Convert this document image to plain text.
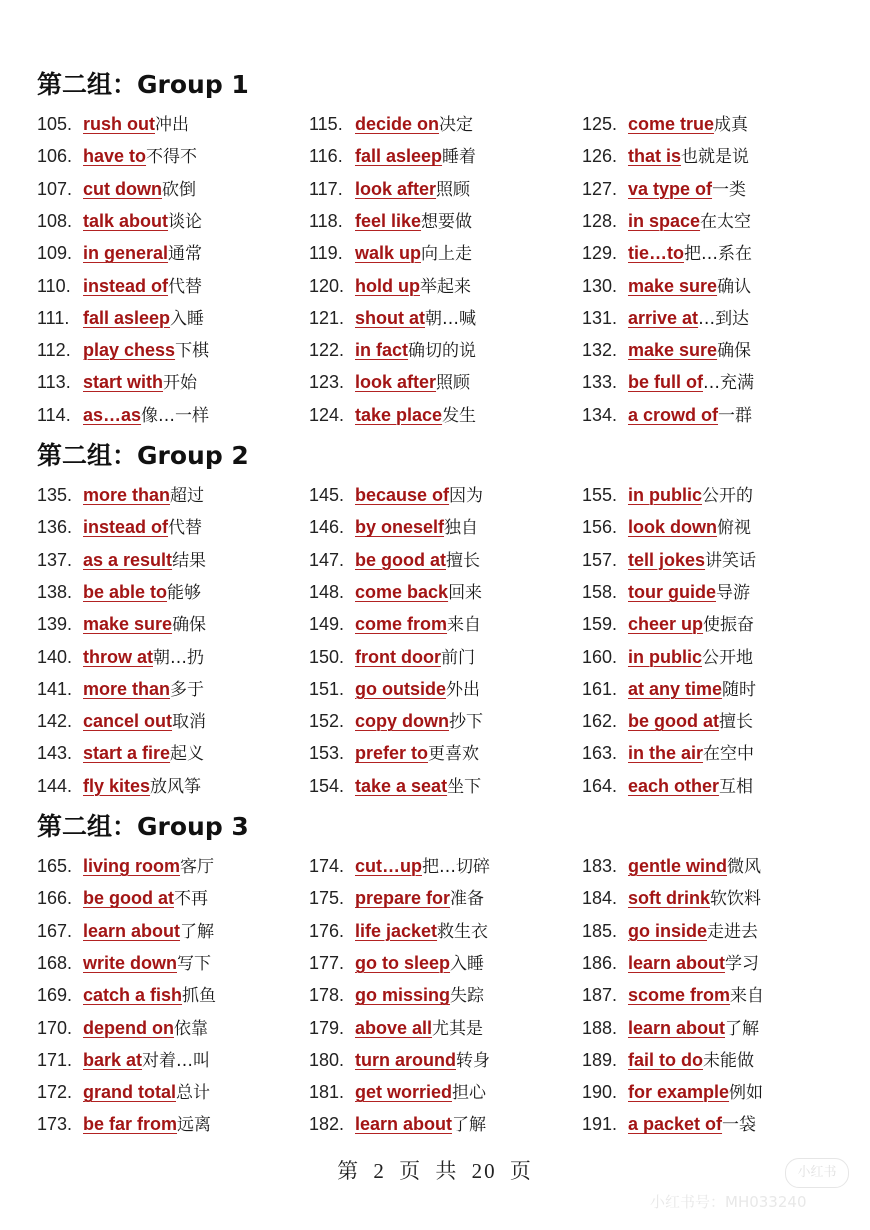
第二组：Group 1
105. rush out冲出
106. have to不得不
107. cut down砍倒
108. talk about谈论
109. in general通常
110. instead of代替
111. fall asleep入睡
112. play chess下棋
113. start with开始
114. as…as像…一样
115. decide on决定
116. fall asleep睡着
117. look after照顾
118. feel like想要做
119. walk up向上走
120. hold up举起来
121. shout at朝…喊
122. in fact确切的说
123. look after照顾
124. take place发生
125. come true成真
126. that is也就是说
127. va type of一类
128. in space在太空
129. tie…to把…系在
130. make sure确认
131. arrive at…到达
132. make sure确保
133. be full of…充满
134. a crowd of一群
第二组：Group 2
135. more than超过
136. instead of代替
137. as a result结果
138. be able to能够
139. make sure确保
140. throw at朝…扔
141. more than多于
142. cancel out取消
143. start a fire起义
144. fly kites放风筝
145. because of因为
146. by oneself独自
147. be good at擅长
148. come back回来
149. come from来自
150. front door前门
151. go outside外出
152. copy down抄下
153. prefer to更喜欢
154. take a seat坐下
155. in public公开的
156. look down俯视
157. tell jokes讲笑话
158. tour guide导游
159. cheer up使振奋
160. in public公开地
161. at any time随时
162. be good at擅长
163. in the air在空中
164. each other互相
第二组：Group 3
165. living room客厅
166. be good at不再
167. learn about了解
168. write down写下
169. catch a fish抓鱼
170. depend on依靠
171. bark at对着…叫
172. grand total总计
173. be far from远离
174. cut…up把…切碎
175. prepare for准备
176. life jacket救生衣
177. go to sleep入睡
178. go missing失踪
179. above all尤其是
180. turn around转身
181. get worried担心
182. learn about了解
183. gentle wind微风
184. soft drink软饮料
185. go inside走进去
186. learn about学习
187. scome from来自
188. learn about了解
189. fail to do未能做
190. for example例如
191. a packet of一袋
第 2 页 共 20 页	小红书
小红书号：MH033240
